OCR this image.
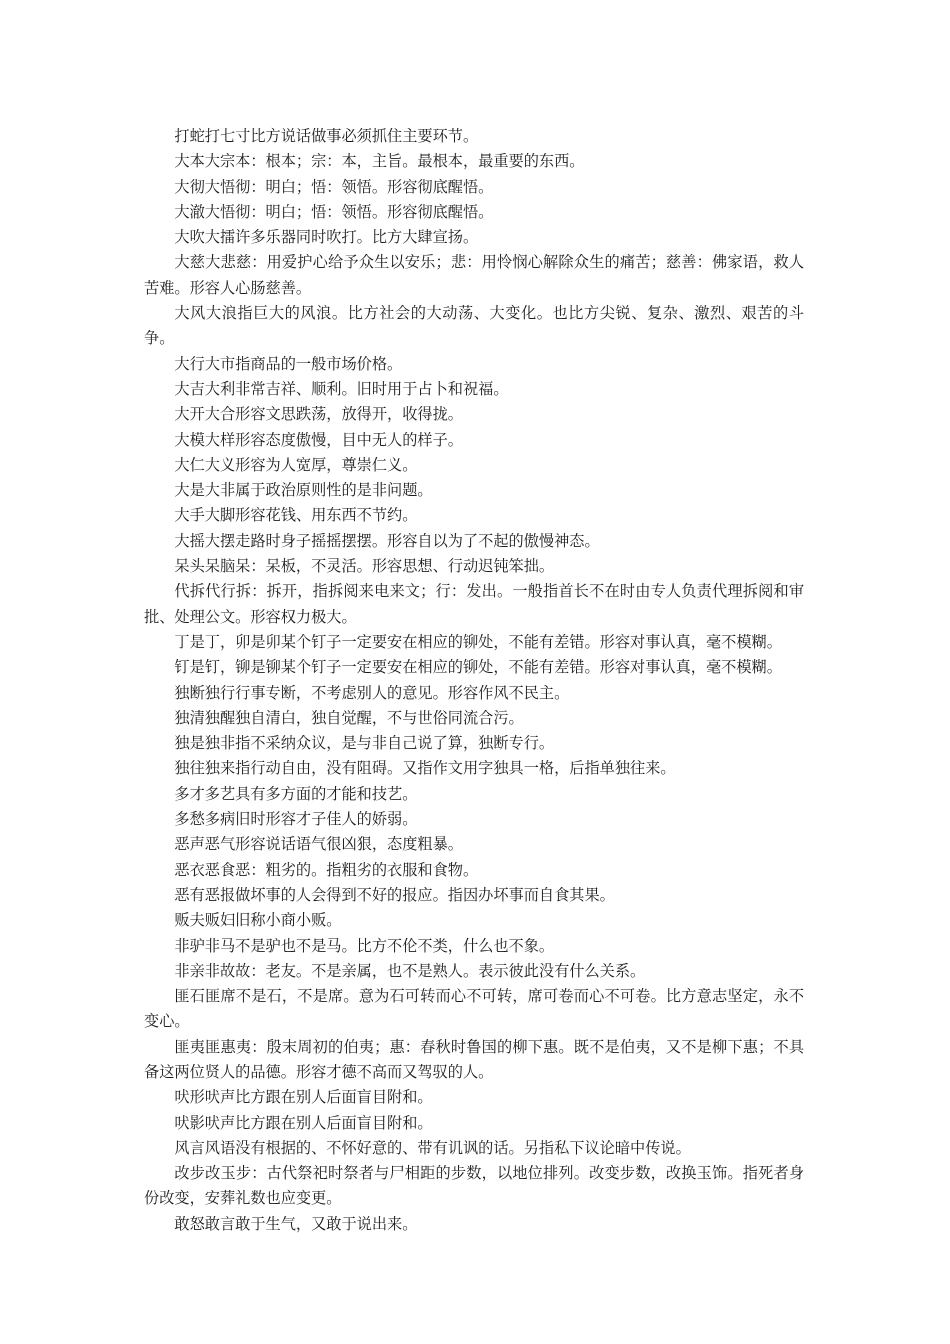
打蛇打七寸比方说话做事必须抓住主要环节。

大本大宗本：根本；宗：本，主旨。最根本，最重要的东西。

大彻大悟彻：明白；悟：领悟。形容彻底醒悟。

大澈大悟彻：明白；悟：领悟。形容彻底醒悟。

大吹大擂许多乐器同时吹打。比方大肆宣扬。

大慈大悲慈：用爱护心给予众生以安乐；悲：用怜悯心解除众生的痛苦；慈善：佛家语，救人苦难。形容人心肠慈善。

大风大浪指巨大的风浪。比方社会的大动荡、大变化。也比方尖锐、复杂、激烈、艰苦的斗争。

大行大市指商品的一般市场价格。

大吉大利非常吉祥、顺利。旧时用于占卜和祝福。

大开大合形容文思跌荡，放得开，收得拢。

大模大样形容态度傲慢，目中无人的样子。

大仁大义形容为人宽厚，尊崇仁义。

大是大非属于政治原则性的是非问题。

大手大脚形容花钱、用东西不节约。

大摇大摆走路时身子摇摇摆摆。形容自以为了不起的傲慢神态。

呆头呆脑呆：呆板，不灵活。形容思想、行动迟钝笨拙。

代拆代行拆：拆开，指拆阅来电来文；行：发出。一般指首长不在时由专人负责代理拆阅和审批、处理公文。形容权力极大。

丁是丁，卯是卯某个钉子一定要安在相应的铆处，不能有差错。形容对事认真，毫不模糊。

钉是钉，铆是铆某个钉子一定要安在相应的铆处，不能有差错。形容对事认真，毫不模糊。

独断独行行事专断，不考虑别人的意见。形容作风不民主。

独清独醒独自清白，独自觉醒，不与世俗同流合污。

独是独非指不采纳众议，是与非自己说了算，独断专行。

独往独来指行动自由，没有阻碍。又指作文用字独具一格，后指单独往来。

多才多艺具有多方面的才能和技艺。

多愁多病旧时形容才子佳人的娇弱。

恶声恶气形容说话语气很凶狠，态度粗暴。

恶衣恶食恶：粗劣的。指粗劣的衣服和食物。

恶有恶报做坏事的人会得到不好的报应。指因办坏事而自食其果。

贩夫贩妇旧称小商小贩。

非驴非马不是驴也不是马。比方不伦不类，什么也不象。

非亲非故故：老友。不是亲属，也不是熟人。表示彼此没有什么关系。

匪石匪席不是石，不是席。意为石可转而心不可转，席可卷而心不可卷。比方意志坚定，永不变心。

匪夷匪惠夷：殷末周初的伯夷；惠：春秋时鲁国的柳下惠。既不是伯夷，又不是柳下惠；不具备这两位贤人的品德。形容才德不高而又驾驭的人。

吠形吠声比方跟在别人后面盲目附和。

吠影吠声比方跟在别人后面盲目附和。

风言风语没有根据的、不怀好意的、带有讥讽的话。另指私下议论暗中传说。

改步改玉步：古代祭祀时祭者与尸相距的步数，以地位排列。改变步数，改换玉饰。指死者身份改变，安葬礼数也应变更。

敢怒敢言敢于生气，又敢于说出来。
